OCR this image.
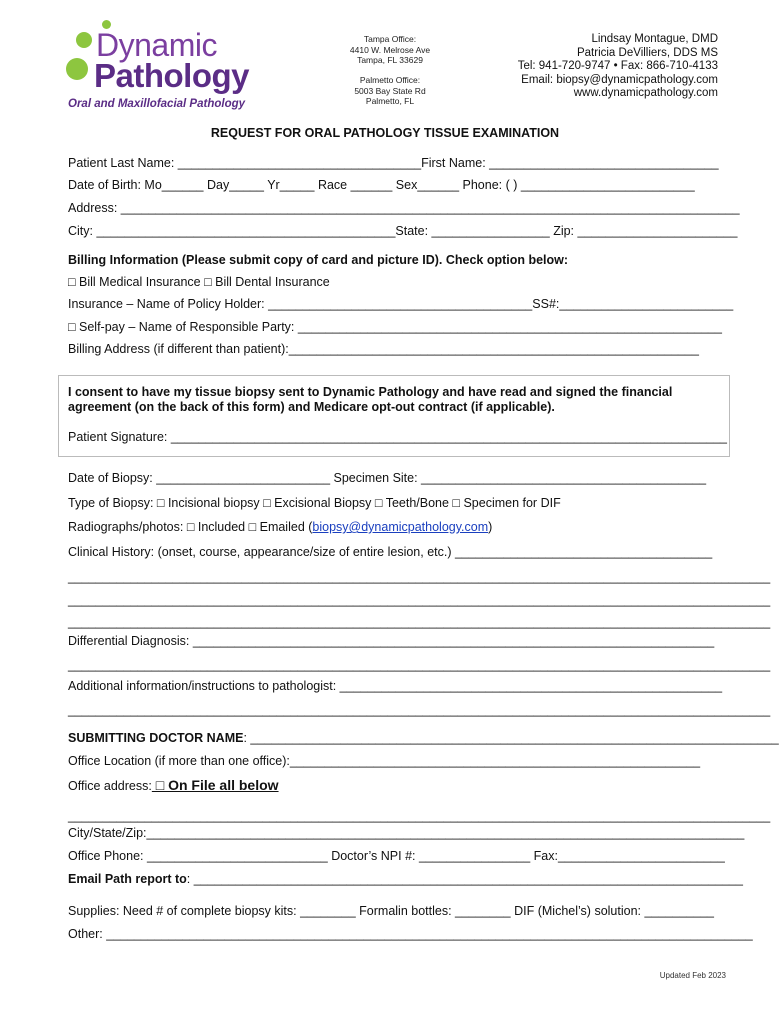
Dynamic
Pathology
Oral and Maxillofacial Pathology
Tampa Office:
4410 W. Melrose Ave
Tampa, FL 33629
Palmetto Office:
5003 Bay State Rd
Palmetto, FL
Lindsay Montague, DMD
Patricia DeVilliers, DDS MS
Tel: 941-720-9747 • Fax: 866-710-4133
Email: biopsy@dynamicpathology.com
www.dynamicpathology.com
REQUEST FOR ORAL PATHOLOGY TISSUE EXAMINATION
Patient Last Name: ___________________________________First Name: _________________________________
Date of Birth: Mo______ Day_____ Yr_____ Race ______ Sex______ Phone: ( ) _________________________
Address: _________________________________________________________________________________________
City: ___________________________________________State: _________________ Zip: _______________________
Billing Information (Please submit copy of card and picture ID). Check option below:
□ Bill Medical Insurance □ Bill Dental Insurance
Insurance – Name of Policy Holder: ______________________________________SS#:_________________________
□ Self-pay – Name of Responsible Party: _____________________________________________________________
Billing Address (if different than patient):___________________________________________________________
I consent to have my tissue biopsy sent to Dynamic Pathology and have read and signed the financial
agreement (on the back of this form) and Medicare opt-out contract (if applicable).
Patient Signature: ________________________________________________________________________________
Date of Biopsy: _________________________ Specimen Site: _________________________________________
Type of Biopsy: □ Incisional biopsy □ Excisional Biopsy □ Teeth/Bone □ Specimen for DIF
Radiographs/photos: □ Included □ Emailed (biopsy@dynamicpathology.com)
Clinical History: (onset, course, appearance/size of entire lesion, etc.) _____________________________________
_____________________________________________________________________________________________________
_____________________________________________________________________________________________________
_____________________________________________________________________________________________________
Differential Diagnosis: ___________________________________________________________________________
_____________________________________________________________________________________________________
Additional information/instructions to pathologist: _______________________________________________________
_____________________________________________________________________________________________________
SUBMITTING DOCTOR NAME: ____________________________________________________________________________
Office Location (if more than one office):___________________________________________________________
Office address: □ On File all below
_____________________________________________________________________________________________________
City/State/Zip:______________________________________________________________________________________
Office Phone: __________________________ Doctor’s NPI #: ________________ Fax:________________________
Email Path report to: _______________________________________________________________________________
Supplies: Need # of complete biopsy kits: ________ Formalin bottles: ________ DIF (Michel’s) solution: __________
Other: _____________________________________________________________________________________________
Updated Feb 2023
